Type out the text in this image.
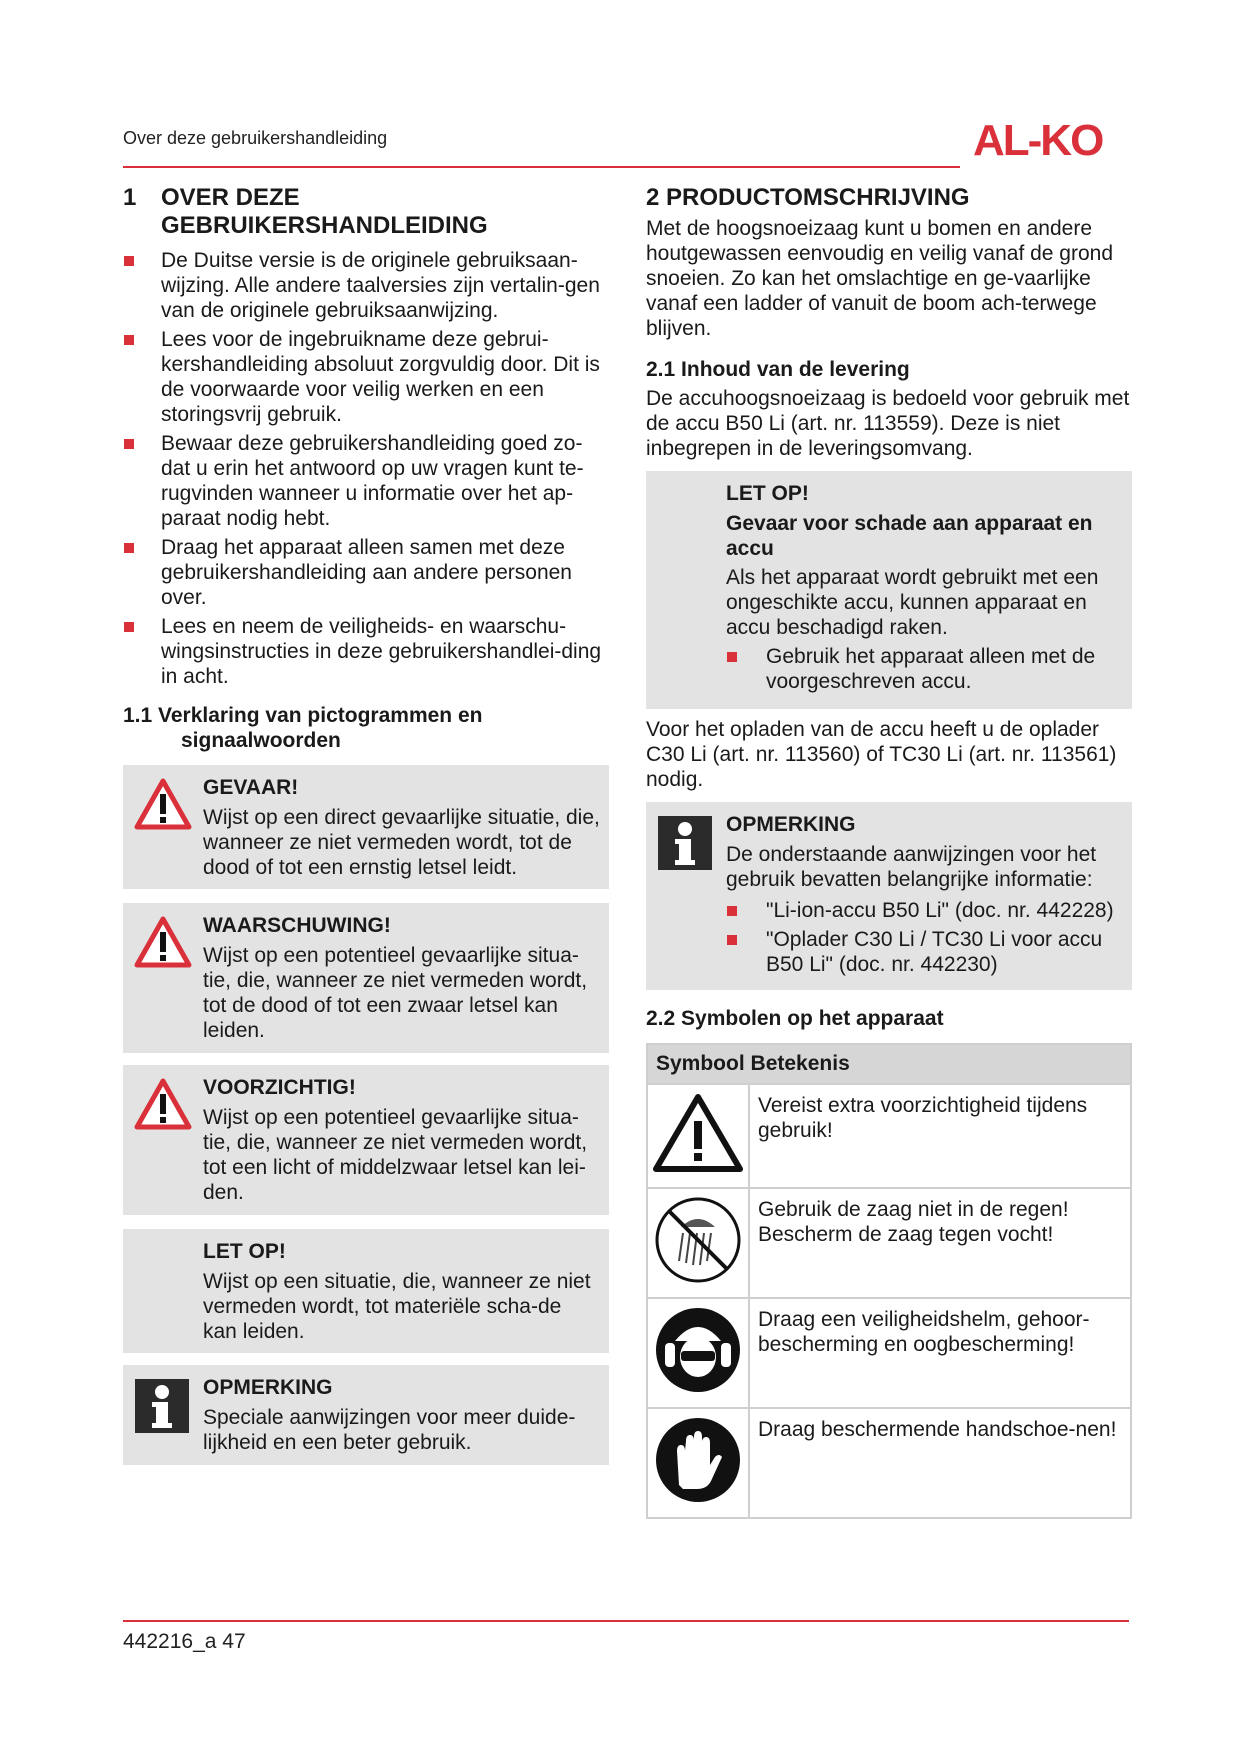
Over deze gebruikershandleiding	AL-KO
1 OVER DEZE
GEBRUIKERSHANDLEIDING
De Duitse versie is de originele gebruiksaan-wijzing. Alle andere taalversies zijn vertalin-gen van de originele gebruiksaanwijzing.
Lees voor de ingebruikname deze gebrui-kershandleiding absoluut zorgvuldig door. Dit is de voorwaarde voor veilig werken en een storingsvrij gebruik.
Bewaar deze gebruikershandleiding goed zo-dat u erin het antwoord op uw vragen kunt te-rugvinden wanneer u informatie over het ap-paraat nodig hebt.
Draag het apparaat alleen samen met deze gebruikershandleiding aan andere personen over.
Lees en neem de veiligheids- en waarschu-wingsinstructies in deze gebruikershandlei-ding in acht.
1.1 Verklaring van pictogrammen en
signaalwoorden

GEVAAR!

Wijst op een direct gevaarlijke situatie, die, wanneer ze niet vermeden wordt, tot de dood of tot een ernstig letsel leidt.

WAARSCHUWING!

Wijst op een potentieel gevaarlijke situa-tie, die, wanneer ze niet vermeden wordt, tot de dood of tot een zwaar letsel kan leiden.

VOORZICHTIG!

Wijst op een potentieel gevaarlijke situa-tie, die, wanneer ze niet vermeden wordt, tot een licht of middelzwaar letsel kan lei-den.

LET OP!

Wijst op een situatie, die, wanneer ze niet vermeden wordt, tot materiële scha-de kan leiden.

OPMERKING

Speciale aanwijzingen voor meer duide-lijkheid en een beter gebruik.

2 PRODUCTOMSCHRIJVING

Met de hoogsnoeizaag kunt u bomen en andere houtgewassen eenvoudig en veilig vanaf de grond snoeien. Zo kan het omslachtige en ge-vaarlijke vanaf een ladder of vanuit de boom ach-terwege blijven.

2.1 Inhoud van de levering

De accuhoogsnoeizaag is bedoeld voor gebruik met de accu B50 Li (art. nr. 113559). Deze is niet inbegrepen in de leveringsomvang.

LET OP!

Gevaar voor schade aan apparaat en accu

Als het apparaat wordt gebruikt met een ongeschikte accu, kunnen apparaat en accu beschadigd raken.

Gebruik het apparaat alleen met de voorgeschreven accu.

Voor het opladen van de accu heeft u de oplader C30 Li (art. nr. 113560) of TC30 Li (art. nr. 113561) nodig.

OPMERKING

De onderstaande aanwijzingen voor het gebruik bevatten belangrijke informatie:

"Li-ion-accu B50 Li" (doc. nr. 442228)
"Oplader C30 Li / TC30 Li voor accu B50 Li" (doc. nr. 442230)
2.2 Symbolen op het apparaat
Symbool Betekenis	
	Vereist extra voorzichtigheid tijdens gebruik!
	Gebruik de zaag niet in de regen! Bescherm de zaag tegen vocht!
	Draag een veiligheidshelm, gehoor-bescherming en oogbescherming!
	Draag beschermende handschoe-nen!
442216_a 47
